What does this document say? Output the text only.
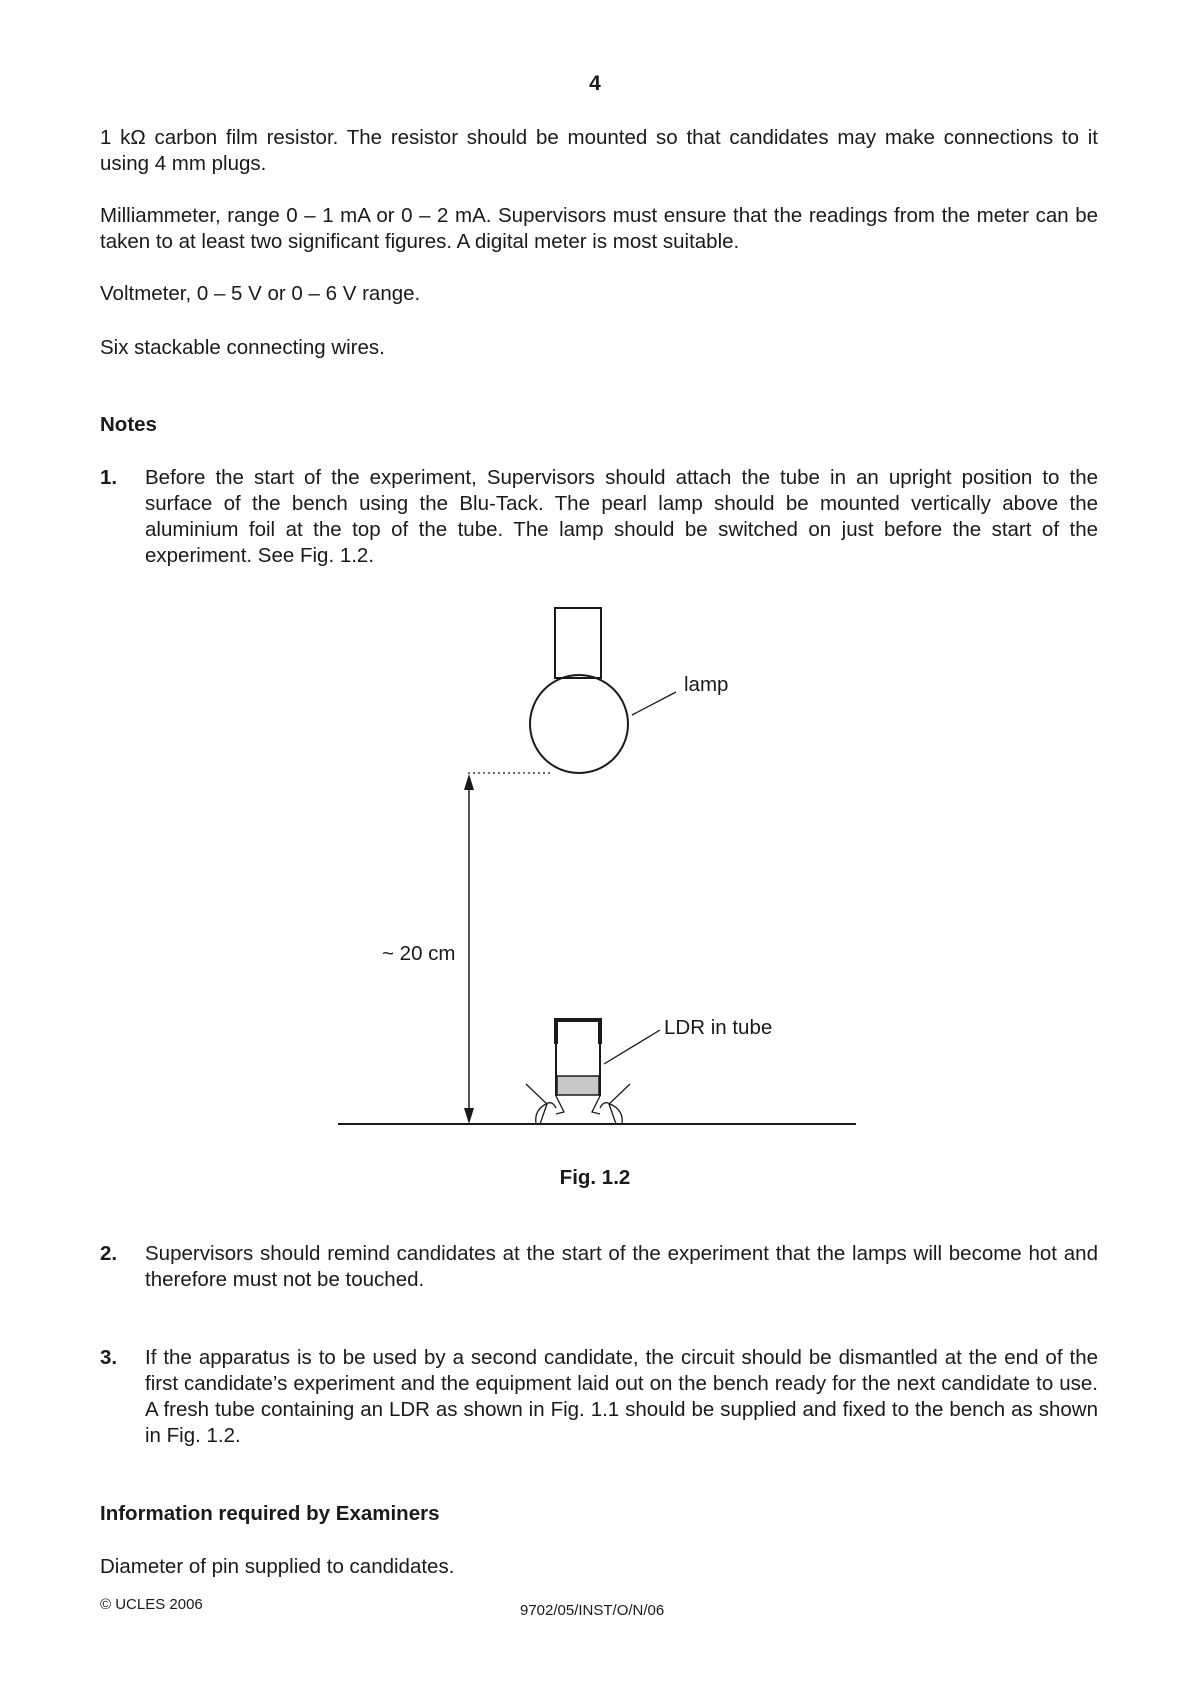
4
1 kΩ carbon film resistor. The resistor should be mounted so that candidates may make connections to it using 4 mm plugs.
Milliammeter, range 0 – 1 mA or 0 – 2 mA. Supervisors must ensure that the readings from the meter can be taken to at least two significant figures. A digital meter is most suitable.
Voltmeter, 0 – 5 V or 0 – 6 V range.
Six stackable connecting wires.
Notes
1. Before the start of the experiment, Supervisors should attach the tube in an upright position to the surface of the bench using the Blu-Tack. The pearl lamp should be mounted vertically above the aluminium foil at the top of the tube. The lamp should be switched on just before the start of the experiment. See Fig. 1.2.
lamp
~ 20 cm
LDR in tube
Fig. 1.2
2. Supervisors should remind candidates at the start of the experiment that the lamps will become hot and therefore must not be touched.
3. If the apparatus is to be used by a second candidate, the circuit should be dismantled at the end of the first candidate’s experiment and the equipment laid out on the bench ready for the next candidate to use. A fresh tube containing an LDR as shown in Fig. 1.1 should be supplied and fixed to the bench as shown in Fig. 1.2.
Information required by Examiners
Diameter of pin supplied to candidates.
© UCLES 2006	9702/05/INST/O/N/06
